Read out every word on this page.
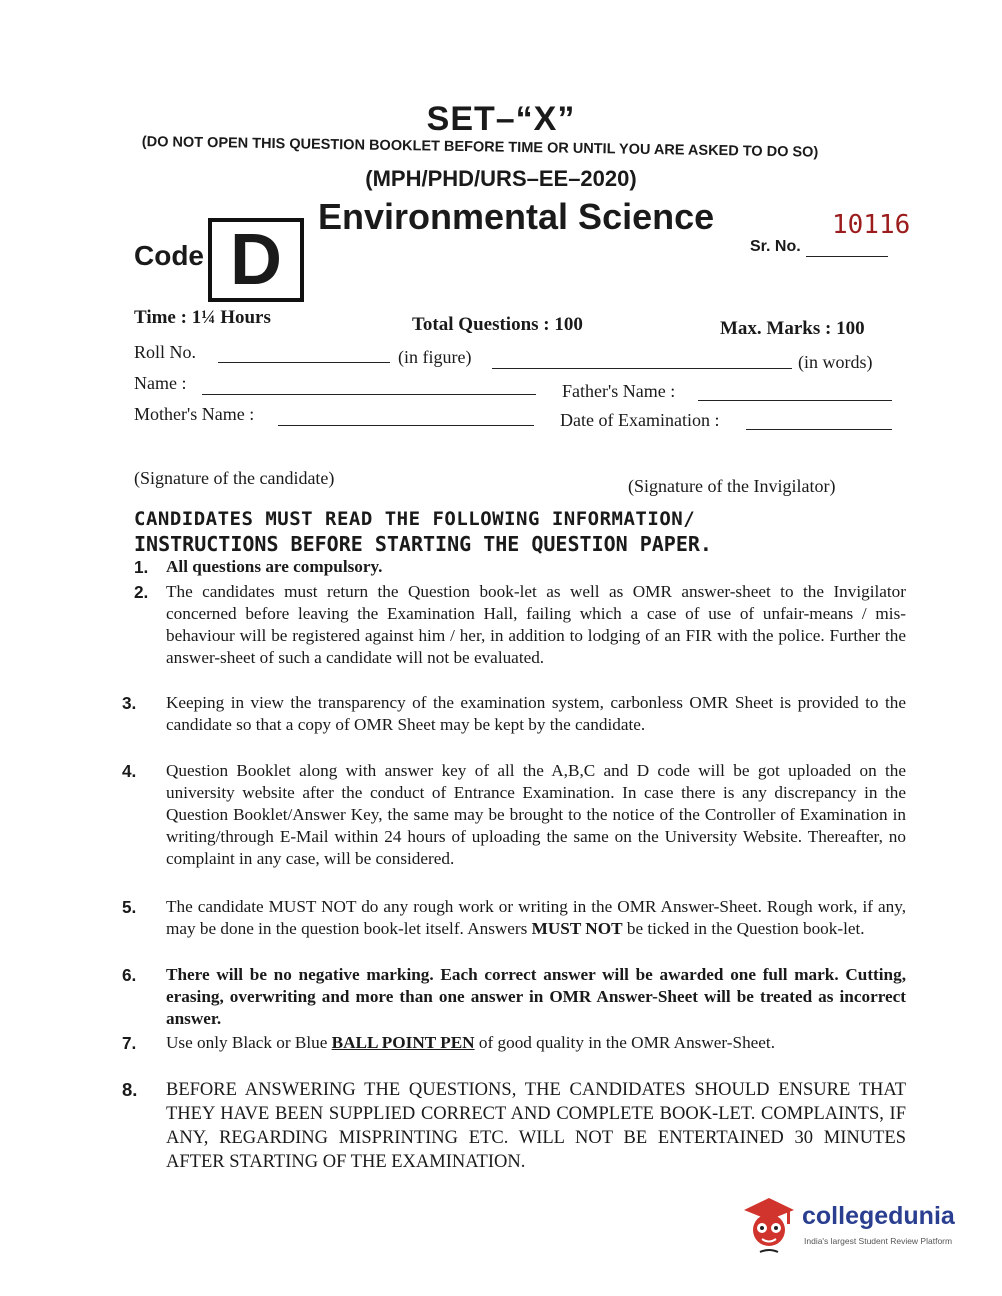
SET–“X”
(DO NOT OPEN THIS QUESTION BOOKLET BEFORE TIME OR UNTIL YOU ARE ASKED TO DO SO)
(MPH/PHD/URS–EE–2020)
Environmental Science
Code D	10116
Sr. No.
Time : 1¼ Hours	Total Questions : 100	Max. Marks : 100
Roll No.	(in figure)	(in words)
Name :	Father's Name :
Mother's Name :	Date of Examination :
(Signature of the candidate)	(Signature of the Invigilator)
CANDIDATES MUST READ THE FOLLOWING INFORMATION/
INSTRUCTIONS BEFORE STARTING THE QUESTION PAPER.
1.	All questions are compulsory.
2.	The candidates must return the Question book-let as well as OMR answer-sheet to the Invigilator concerned before leaving the Examination Hall, failing which a case of use of unfair-means / mis-behaviour will be registered against him / her, in addition to lodging of an FIR with the police. Further the answer-sheet of such a candidate will not be evaluated.
3.	Keeping in view the transparency of the examination system, carbonless OMR Sheet is provided to the candidate so that a copy of OMR Sheet may be kept by the candidate.
4.	Question Booklet along with answer key of all the A,B,C and D code will be got uploaded on the university website after the conduct of Entrance Examination. In case there is any discrepancy in the Question Booklet/Answer Key, the same may be brought to the notice of the Controller of Examination in writing/through E-Mail within 24 hours of uploading the same on the University Website. Thereafter, no complaint in any case, will be considered.
5.	The candidate MUST NOT do any rough work or writing in the OMR Answer-Sheet. Rough work, if any, may be done in the question book-let itself. Answers MUST NOT be ticked in the Question book-let.
6.	There will be no negative marking. Each correct answer will be awarded one full mark. Cutting, erasing, overwriting and more than one answer in OMR Answer-Sheet will be treated as incorrect answer.
7.	Use only Black or Blue BALL POINT PEN of good quality in the OMR Answer-Sheet.
8.	BEFORE ANSWERING THE QUESTIONS, THE CANDIDATES SHOULD ENSURE THAT THEY HAVE BEEN SUPPLIED CORRECT AND COMPLETE BOOK-LET. COMPLAINTS, IF ANY, REGARDING MISPRINTING ETC. WILL NOT BE ENTERTAINED 30 MINUTES AFTER STARTING OF THE EXAMINATION.
collegedunia
India's largest Student Review Platform
